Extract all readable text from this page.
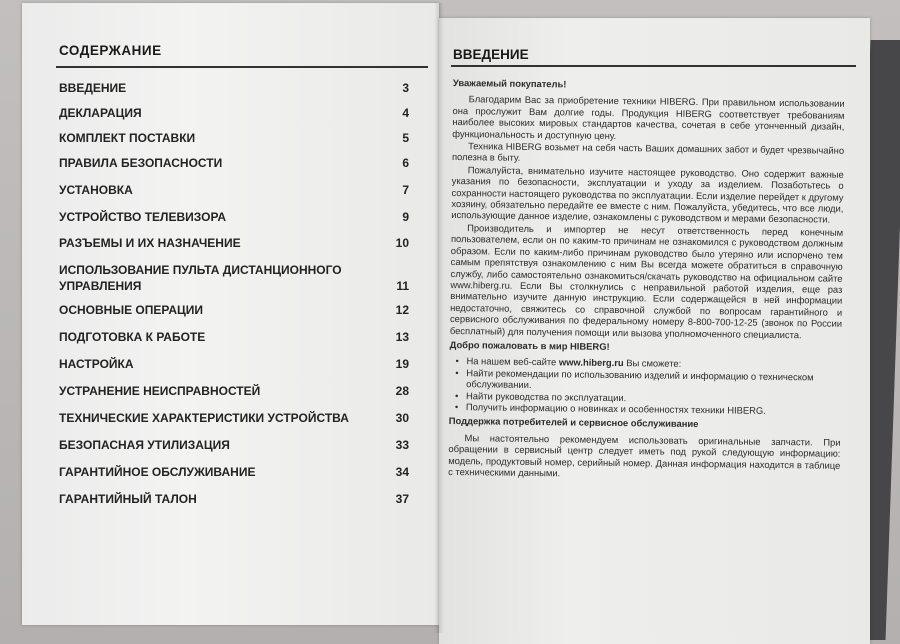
СОДЕРЖАНИЕ
ВВЕДЕНИЕ	3
ДЕКЛАРАЦИЯ	4
КОМПЛЕКТ ПОСТАВКИ	5
ПРАВИЛА БЕЗОПАСНОСТИ	6
УСТАНОВКА	7
УСТРОЙСТВО ТЕЛЕВИЗОРА	9
РАЗЪЕМЫ И ИХ НАЗНАЧЕНИЕ	10
ИСПОЛЬЗОВАНИЕ ПУЛЬТА ДИСТАНЦИОННОГО УПРАВЛЕНИЯ	11
ОСНОВНЫЕ ОПЕРАЦИИ	12
ПОДГОТОВКА К РАБОТЕ	13
НАСТРОЙКА	19
УСТРАНЕНИЕ НЕИСПРАВНОСТЕЙ	28
ТЕХНИЧЕСКИЕ ХАРАКТЕРИСТИКИ УСТРОЙСТВА	30
БЕЗОПАСНАЯ УТИЛИЗАЦИЯ	33
ГАРАНТИЙНОЕ ОБСЛУЖИВАНИЕ	34
ГАРАНТИЙНЫЙ ТАЛОН	37
ВВЕДЕНИЕ
Уважаемый покупатель!

Благодарим Вас за приобретение техники HIBERG. При правильном использовании она прослужит Вам долгие годы. Продукция HIBERG соответствует требованиям наиболее высоких мировых стандартов качества, сочетая в себе утонченный дизайн, функциональность и доступную цену.

Техника HIBERG возьмет на себя часть Ваших домашних забот и будет чрезвычайно полезна в быту.

Пожалуйста, внимательно изучите настоящее руководство. Оно содержит важные указания по безопасности, эксплуатации и уходу за изделием. Позаботьтесь о сохранности настоящего руководства по эксплуатации. Если изделие перейдет к другому хозяину, обязательно передайте ее вместе с ним. Пожалуйста, убедитесь, что все люди, использующие данное изделие, ознакомлены с руководством и мерами безопасности.

Производитель и импортер не несут ответственность перед конечным пользователем, если он по каким-то причинам не ознакомился с руководством должным образом. Если по каким-либо причинам руководство было утеряно или испорчено тем самым препятствуя ознакомлению с ним Вы всегда можете обратиться в справочную службу, либо самостоятельно ознакомиться/скачать руководство на официальном сайте www.hiberg.ru. Если Вы столкнулись с неправильной работой изделия, еще раз внимательно изучите данную инструкцию. Если содержащейся в ней информации недостаточно, свяжитесь со справочной службой по вопросам гарантийного и сервисного обслуживания по федеральному номеру 8-800-700-12-25 (звонок по России бесплатный) для получения помощи или вызова уполномоченного специалиста.

Добро пожаловать в мир HIBERG!
• На нашем веб-сайте www.hiberg.ru Вы сможете:
• Найти рекомендации по использованию изделий и информацию о техническом обслуживании.
• Найти руководства по эксплуатации.
• Получить информацию о новинках и особенностях техники HIBERG.
Поддержка потребителей и сервисное обслуживание

Мы настоятельно рекомендуем использовать оригинальные запчасти. При обращении в сервисный центр следует иметь под рукой следующую информацию: модель, продуктовый номер, серийный номер. Данная информация находится в таблице с техническими данными.
